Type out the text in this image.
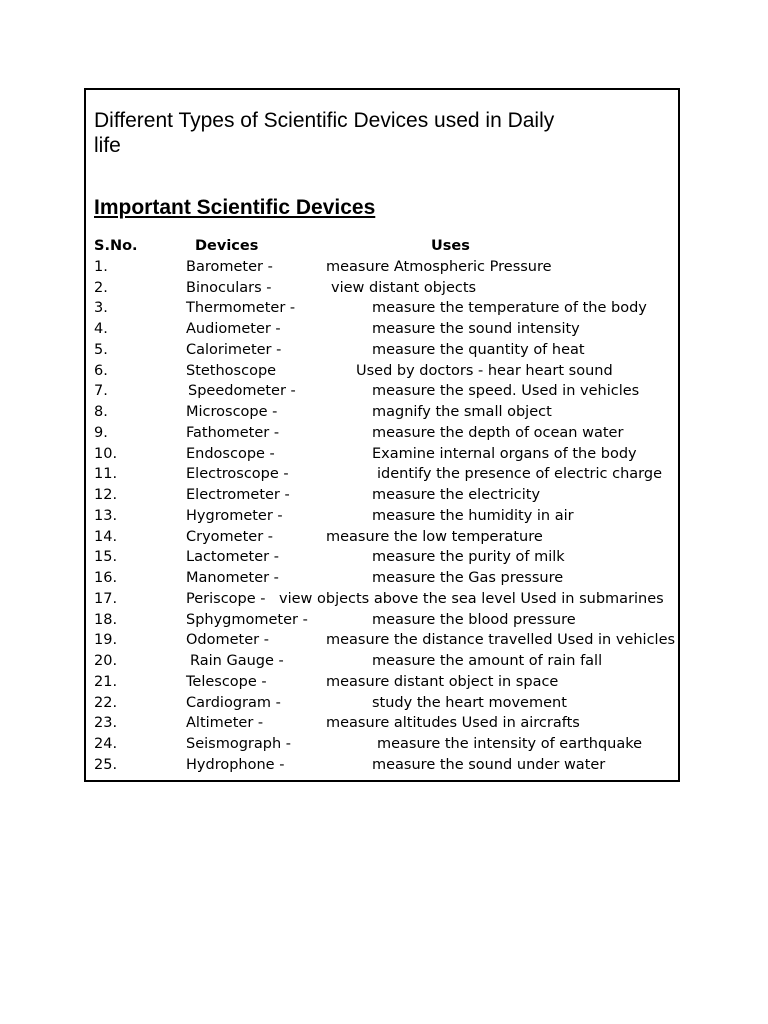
Different Types of Scientific Devices used in Daily life
Important Scientific Devices
S.No.	Devices	Uses
1.	Barometer -	measure Atmospheric Pressure
2.	Binoculars -	view distant objects
3.	Thermometer -	measure the temperature of the body
4.	Audiometer -	measure the sound intensity
5.	Calorimeter -	measure the quantity of heat
6.	Stethoscope	Used by doctors - hear heart sound
7.	Speedometer -	measure the speed. Used in vehicles
8.	Microscope -	magnify the small object
9.	Fathometer -	measure the depth of ocean water
10.	Endoscope -	Examine internal organs of the body
11.	Electroscope -	identify the presence of electric charge
12.	Electrometer -	measure the electricity
13.	Hygrometer -	measure the humidity in air
14.	Cryometer -	measure the low temperature
15.	Lactometer -	measure the purity of milk
16.	Manometer -	measure the Gas pressure
17.	Periscope - view objects above the sea level Used in submarines
18.	Sphygmometer -	measure the blood pressure
19.	Odometer -	measure the distance travelled Used in vehicles
20.	Rain Gauge -	measure the amount of rain fall
21.	Telescope -	measure distant object in space
22.	Cardiogram -	study the heart movement
23.	Altimeter -	measure altitudes Used in aircrafts
24.	Seismograph -	measure the intensity of earthquake
25.	Hydrophone -	measure the sound under water
